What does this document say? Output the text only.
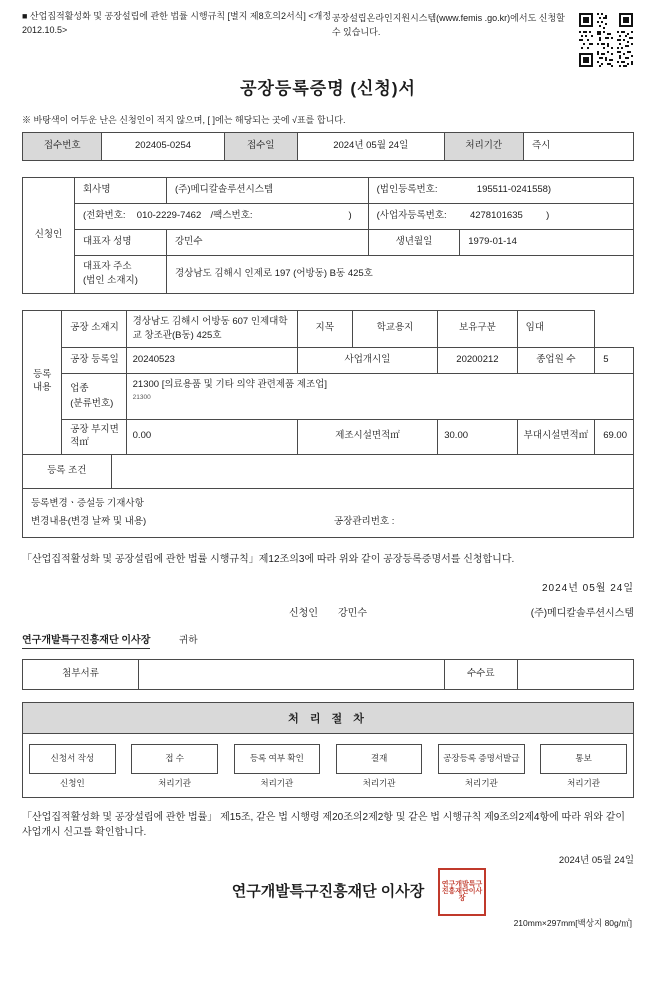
■ 산업집적활성화 및 공장설립에 관한 법률 시행규칙 [별지 제8호의2서식] <개정 2012.10.5>
공장설립온라인지원시스템(www.femis .go.kr)에서도 신청할 수 있습니다.
공장등록증명 (신청)서
※ 바탕색이 어두운 난은 신청인이 적지 않으며, [ ]에는 해당되는 곳에 √표를 합니다.
접수번호	202405-0254	접수일	2024년 05월 24일	처리기간	즉시
신청인	회사명	(주)메디칼솔루션시스템	(법인등록번호: 195511-0241558)	
	(전화번호: 010-2229-7462 /팩스번호: )		(사업자등록번호: 4278101635 )	
	대표자 성명	강민수	생년월일	1979-01-14
	대표자 주소
(법인 소재지)	경상남도 김해시 인제로 197 (어방동) B동 425호		
등록
내용	공장 소재지	경상남도 김해시 어방동 607 인제대학교 창조관(B동) 425호	지목	학교용지	보유구분	임대	
	공장 등록일	20240523	사업개시일		20200212	종업원 수	5
	업종
(분류번호)	21300 [의료용품 및 기타 의약 관련제품 제조업]
21300					

	공장 부지면적㎡	0.00	제조시설면적㎡		30.00	부대시설면적㎡	69.00
등록 조건	
등록변경ㆍ증설등 기재사항
변경내용(변경 날짜 및 내용)	공장관리번호 :
「산업집적활성화 및 공장설립에 관한 법률 시행규칙」제12조의3에 따라 위와 같이 공장등록증명서를 신청합니다.
2024년 05월 24일
신청인 강민수	(주)메디칼솔루션시스템
연구개발특구진흥재단 이사장	귀하
첨부서류		수수료	
처 리 절 차
신청서 작성
신청인
접 수
처리기관
등록 여부 확인
처리기관
결재
처리기관
공장등록 증명서발급
처리기관
통보
처리기관
「산업집적활성화 및 공장설립에 관한 법률」 제15조, 같은 법 시행령 제20조의2제2항 및 같은 법 시행규칙 제9조의2제4항에 따라 위와 같이 사업개시 신고를 확인합니다.
2024년 05월 24일
연구개발특구진흥재단 이사장 연구개발특구진흥재단이사장
210mm×297mm[백상지 80g/㎡]
